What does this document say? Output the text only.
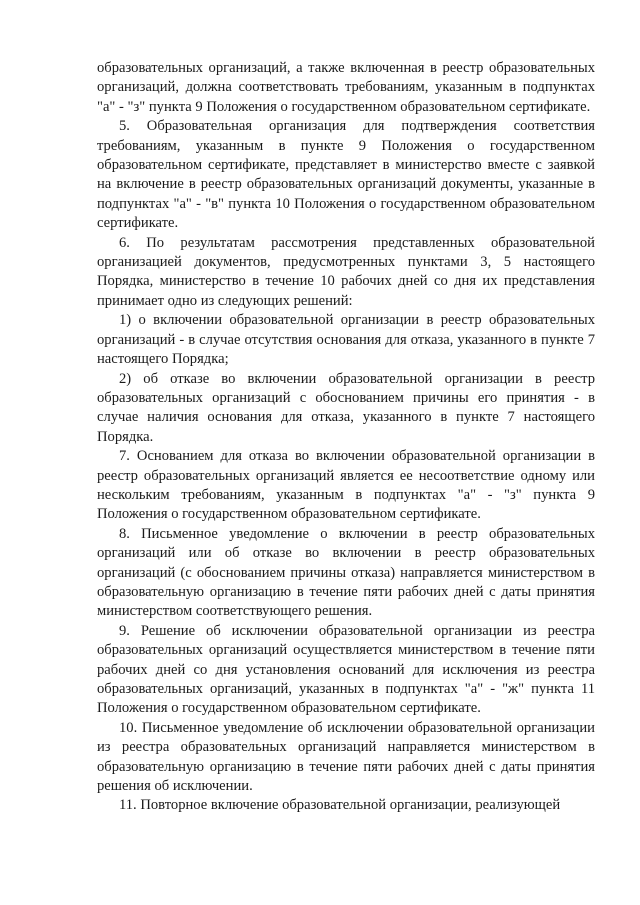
образовательных организаций, а также включенная в реестр образовательных организаций, должна соответствовать требованиям, указанным в подпунктах "а" - "з" пункта 9 Положения о государственном образовательном сертификате.

5. Образовательная организация для подтверждения соответствия требованиям, указанным в пункте 9 Положения о государственном образовательном сертификате, представляет в министерство вместе с заявкой на включение в реестр образовательных организаций документы, указанные в подпунктах "а" - "в" пункта 10 Положения о государственном образовательном сертификате.

6. По результатам рассмотрения представленных образовательной организацией документов, предусмотренных пунктами 3, 5 настоящего Порядка, министерство в течение 10 рабочих дней со дня их представления принимает одно из следующих решений:

1) о включении образовательной организации в реестр образовательных организаций - в случае отсутствия основания для отказа, указанного в пункте 7 настоящего Порядка;

2) об отказе во включении образовательной организации в реестр образовательных организаций с обоснованием причины его принятия - в случае наличия основания для отказа, указанного в пункте 7 настоящего Порядка.

7. Основанием для отказа во включении образовательной организации в реестр образовательных организаций является ее несоответствие одному или нескольким требованиям, указанным в подпунктах "а" - "з" пункта 9 Положения о государственном образовательном сертификате.

8. Письменное уведомление о включении в реестр образовательных организаций или об отказе во включении в реестр образовательных организаций (с обоснованием причины отказа) направляется министерством в образовательную организацию в течение пяти рабочих дней с даты принятия министерством соответствующего решения.

9. Решение об исключении образовательной организации из реестра образовательных организаций осуществляется министерством в течение пяти рабочих дней со дня установления оснований для исключения из реестра образовательных организаций, указанных в подпунктах "а" - "ж" пункта 11 Положения о государственном образовательном сертификате.

10. Письменное уведомление об исключении образовательной организации из реестра образовательных организаций направляется министерством в образовательную организацию в течение пяти рабочих дней с даты принятия решения об исключении.

11. Повторное включение образовательной организации, реализующей
